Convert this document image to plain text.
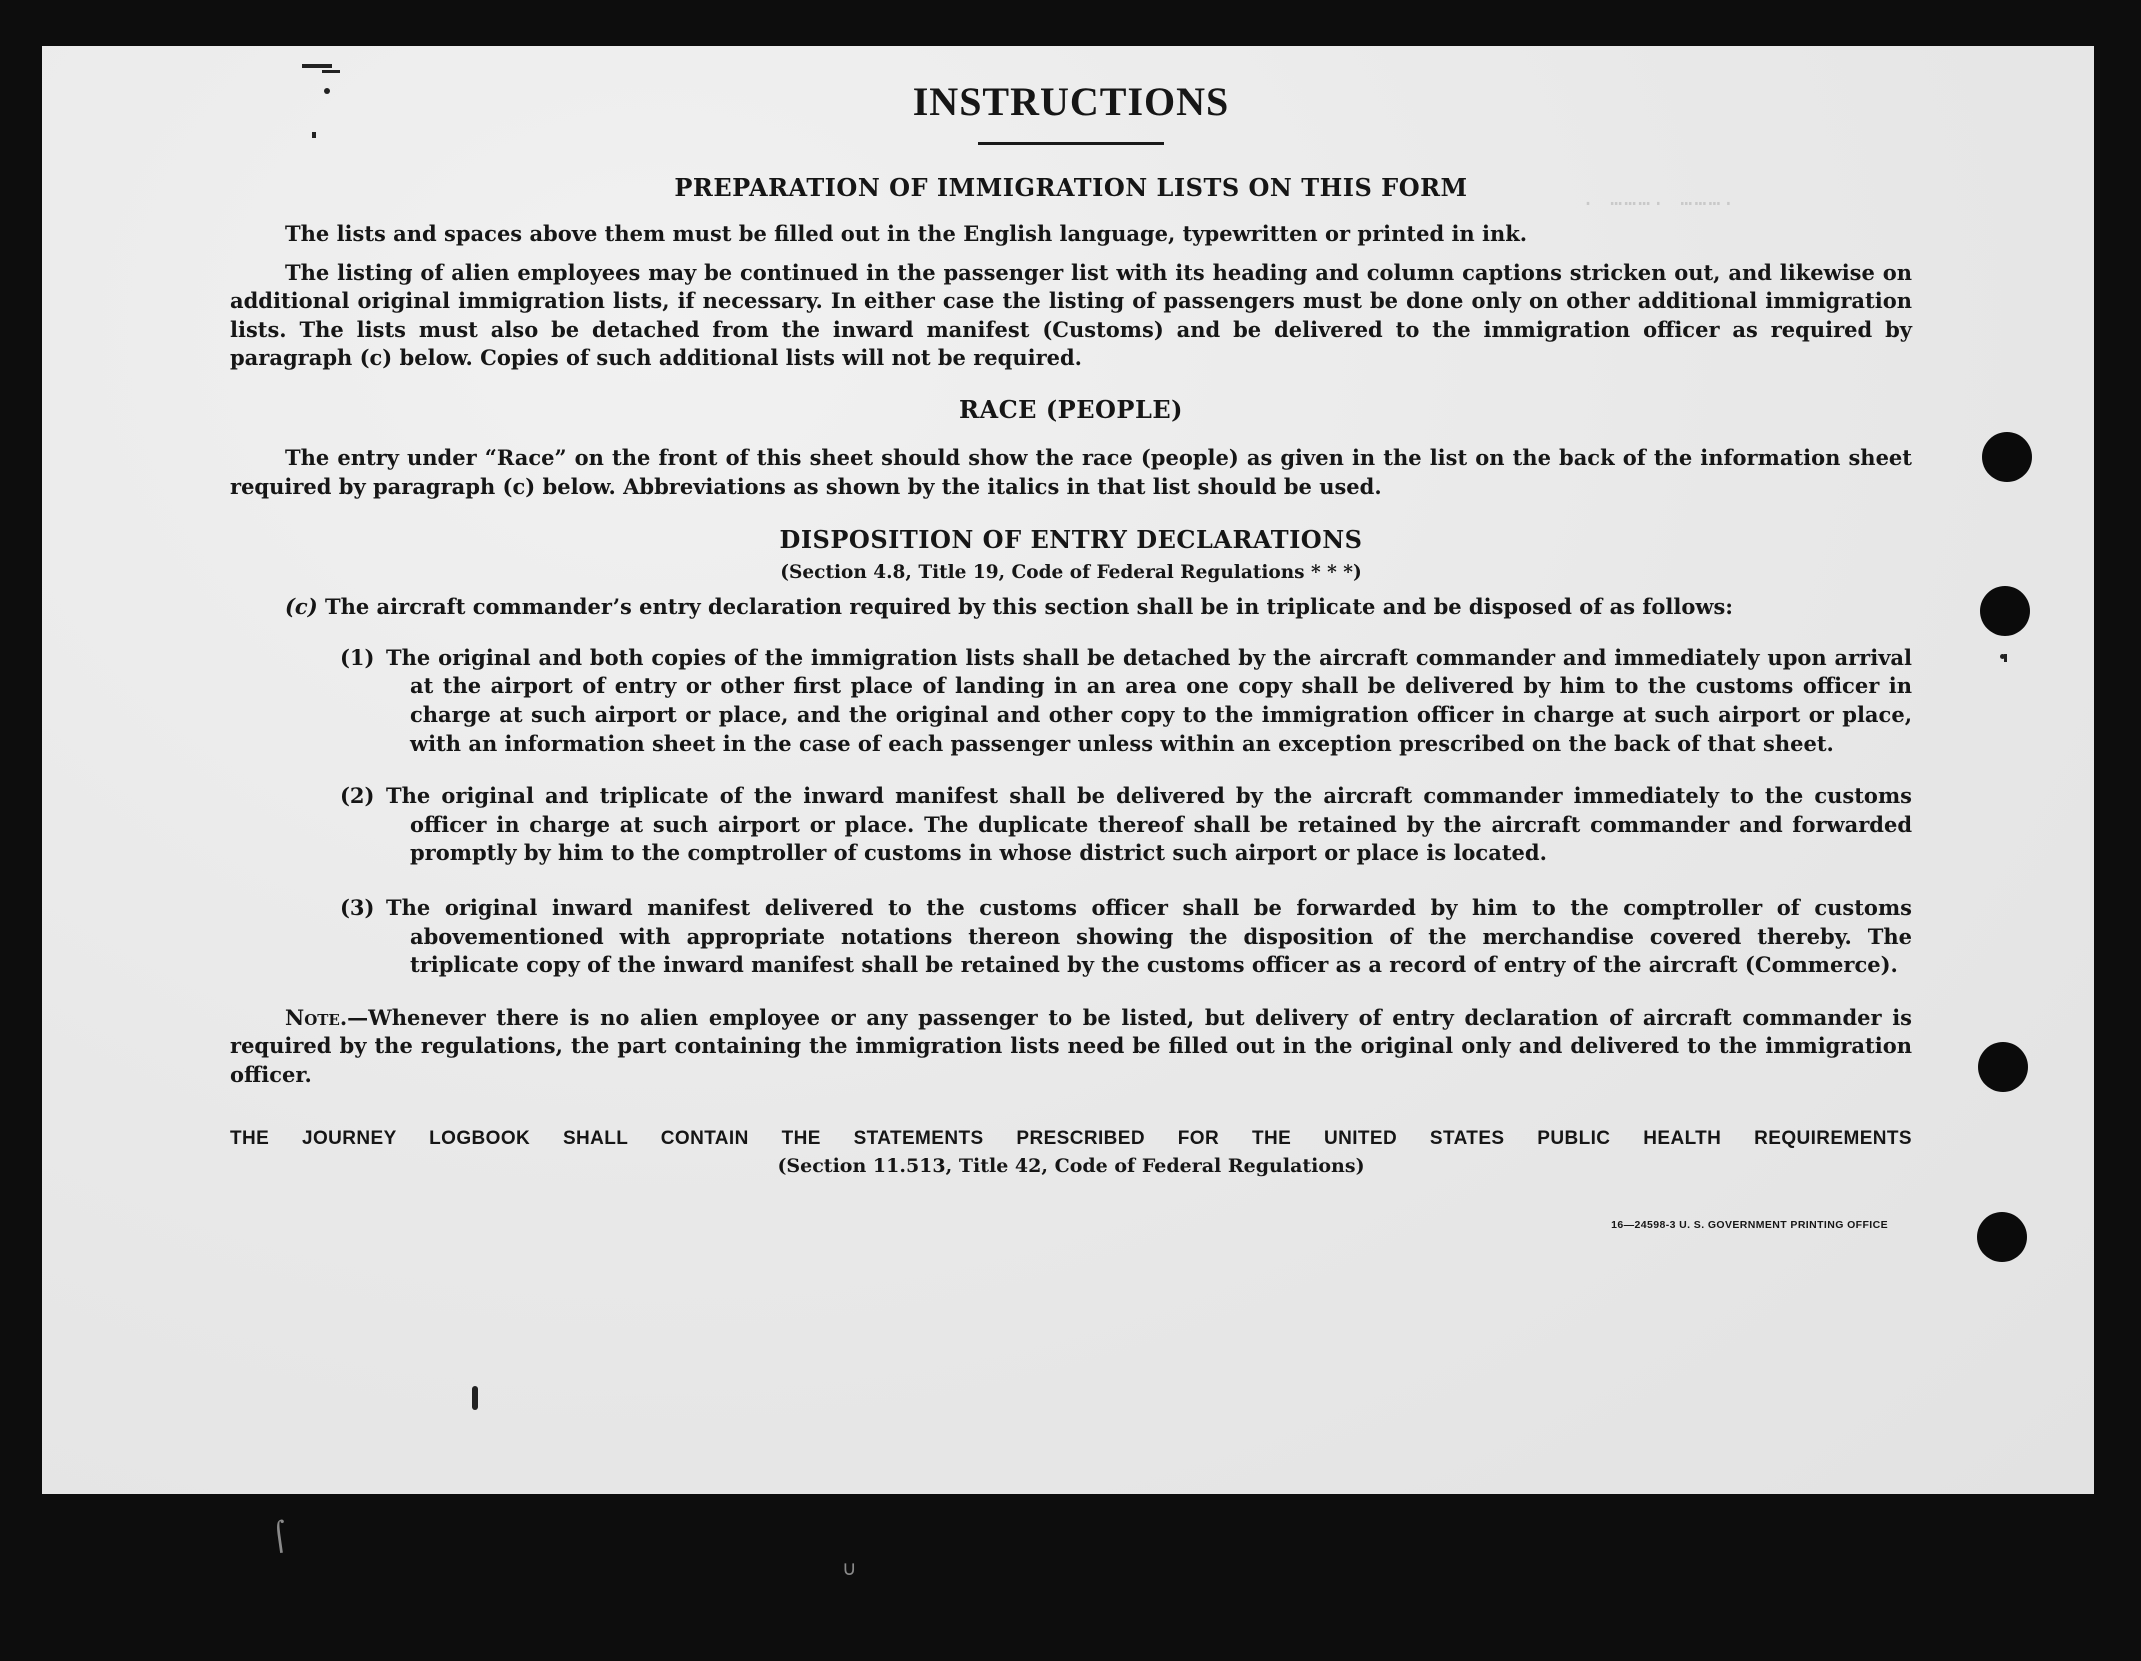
. ​………. ……….
INSTRUCTIONS
PREPARATION OF IMMIGRATION LISTS ON THIS FORM

The lists and spaces above them must be filled out in the English language, typewritten or printed in ink.

The listing of alien employees may be continued in the passenger list with its heading and column captions stricken out, and likewise on additional original immigration lists, if necessary. In either case the listing of passengers must be done only on other additional immigration lists. The lists must also be detached from the inward manifest (Customs) and be delivered to the immigration officer as required by paragraph (c) below. Copies of such additional lists will not be required.

RACE (PEOPLE)

The entry under “Race” on the front of this sheet should show the race (people) as given in the list on the back of the information sheet required by paragraph (c) below. Abbreviations as shown by the italics in that list should be used.

DISPOSITION OF ENTRY DECLARATIONS

(Section 4.8, Title 19, Code of Federal Regulations * * *)

(c) The aircraft commander’s entry declaration required by this section shall be in triplicate and be disposed of as follows:

(1) The original and both copies of the immigration lists shall be detached by the aircraft commander and immediately upon arrival at the airport of entry or other first place of landing in an area one copy shall be delivered by him to the customs officer in charge at such airport or place, and the original and other copy to the immigration officer in charge at such airport or place, with an information sheet in the case of each passenger unless within an exception prescribed on the back of that sheet.

(2) The original and triplicate of the inward manifest shall be delivered by the aircraft commander immediately to the customs officer in charge at such airport or place. The duplicate thereof shall be retained by the aircraft commander and forwarded promptly by him to the comptroller of customs in whose district such airport or place is located.

(3) The original inward manifest delivered to the customs officer shall be forwarded by him to the comptroller of customs abovementioned with appropriate notations thereon showing the disposition of the merchandise covered thereby. The triplicate copy of the inward manifest shall be retained by the customs officer as a record of entry of the aircraft (Commerce).

Note.—Whenever there is no alien employee or any passenger to be listed, but delivery of entry declaration of aircraft commander is required by the regulations, the part containing the immigration lists need be filled out in the original only and delivered to the immigration officer.

THE JOURNEY LOGBOOK SHALL CONTAIN THE STATEMENTS PRESCRIBED FOR THE UNITED STATES PUBLIC HEALTH REQUIREMENTS

(Section 11.513, Title 42, Code of Federal Regulations)

16—24598-3 U. S. GOVERNMENT PRINTING OFFICE

⌠
∪
